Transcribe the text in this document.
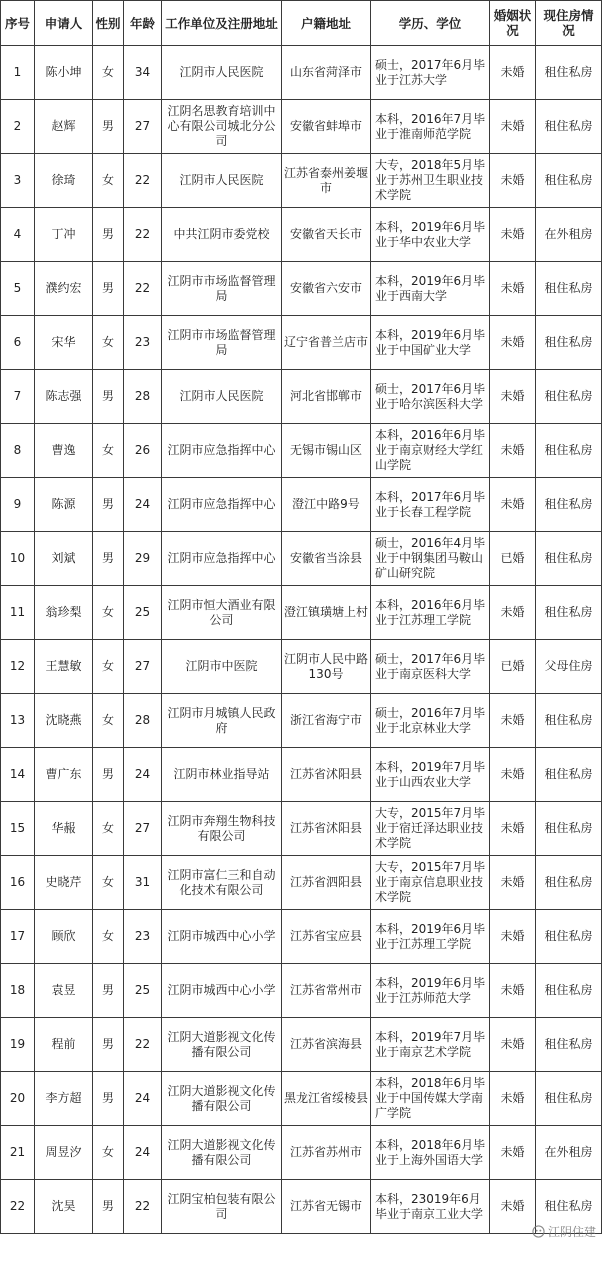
序号	申请人	性别	年龄	工作单位及注册地址	户籍地址	学历、学位	婚姻状况	现住房情况
1	陈小坤	女	34	江阴市人民医院	山东省菏泽市	硕士，2017年6月毕业于江苏大学	未婚	租住私房
2	赵辉	男	27	江阴名思教育培训中心有限公司城北分公司	安徽省蚌埠市	本科，2016年7月毕业于淮南师范学院	未婚	租住私房
3	徐琦	女	22	江阴市人民医院	江苏省泰州姜堰市	大专，2018年5月毕业于苏州卫生职业技术学院	未婚	租住私房
4	丁冲	男	22	中共江阴市委党校	安徽省天长市	本科，2019年6月毕业于华中农业大学	未婚	在外租房
5	濮约宏	男	22	江阴市市场监督管理局	安徽省六安市	本科，2019年6月毕业于西南大学	未婚	租住私房
6	宋华	女	23	江阴市市场监督管理局	辽宁省普兰店市	本科，2019年6月毕业于中国矿业大学	未婚	租住私房
7	陈志强	男	28	江阴市人民医院	河北省邯郸市	硕士，2017年6月毕业于哈尔滨医科大学	未婚	租住私房
8	曹逸	女	26	江阴市应急指挥中心	无锡市锡山区	本科，2016年6月毕业于南京财经大学红山学院	未婚	租住私房
9	陈源	男	24	江阴市应急指挥中心	澄江中路9号	本科，2017年6月毕业于长春工程学院	未婚	租住私房
10	刘斌	男	29	江阴市应急指挥中心	安徽省当涂县	硕士，2016年4月毕业于中钢集团马鞍山矿山研究院	已婚	租住私房
11	翁珍梨	女	25	江阴市恒大酒业有限公司	澄江镇璜塘上村	本科，2016年6月毕业于江苏理工学院	未婚	租住私房
12	王慧敏	女	27	江阴市中医院	江阴市人民中路130号	硕士，2017年6月毕业于南京医科大学	已婚	父母住房
13	沈晓燕	女	28	江阴市月城镇人民政府	浙江省海宁市	硕士，2016年7月毕业于北京林业大学	未婚	租住私房
14	曹广东	男	24	江阴市林业指导站	江苏省沭阳县	本科，2019年7月毕业于山西农业大学	未婚	租住私房
15	华赧	女	27	江阴市奔翔生物科技有限公司	江苏省沭阳县	大专，2015年7月毕业于宿迁泽达职业技术学院	未婚	租住私房
16	史晓芹	女	31	江阴市富仁三和自动化技术有限公司	江苏省泗阳县	大专，2015年7月毕业于南京信息职业技术学院	未婚	租住私房
17	顾欣	女	23	江阴市城西中心小学	江苏省宝应县	本科，2019年6月毕业于江苏理工学院	未婚	租住私房
18	袁昱	男	25	江阴市城西中心小学	江苏省常州市	本科，2019年6月毕业于江苏师范大学	未婚	租住私房
19	程前	男	22	江阴大道影视文化传播有限公司	江苏省滨海县	本科，2019年7月毕业于南京艺术学院	未婚	租住私房
20	李方超	男	24	江阴大道影视文化传播有限公司	黑龙江省绥棱县	本科，2018年6月毕业于中国传媒大学南广学院	未婚	租住私房
21	周昱汐	女	24	江阴大道影视文化传播有限公司	江苏省苏州市	本科，2018年6月毕业于上海外国语大学	未婚	在外租房
22	沈昊	男	22	江阴宝柏包装有限公司	江苏省无锡市	本科，23019年6月毕业于南京工业大学	未婚	租住私房
江阴住建
